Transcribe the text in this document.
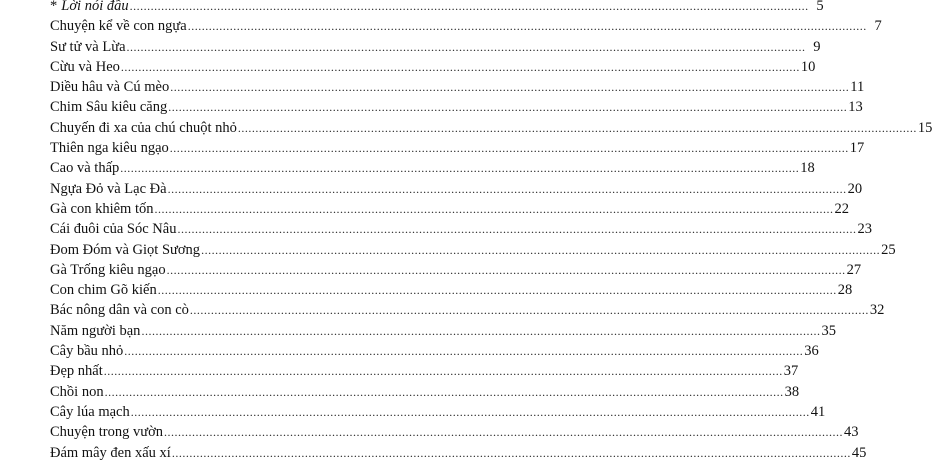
* Lời nói đầu .....	5
Chuyện kể về con ngựa .....	7
Sư tử và Lừa .....	9
Cừu và Heo .....	10
Diều hâu và Cú mèo .....	11
Chim Sâu kiêu căng .....	13
Chuyến đi xa của chú chuột nhỏ .....	15
Thiên nga kiêu ngạo .....	17
Cao và thấp .....	18
Ngựa Đỏ và Lạc Đà .....	20
Gà con khiêm tốn .....	22
Cái đuôi của Sóc Nâu .....	23
Đom Đóm và Giọt Sương .....	25
Gà Trống kiêu ngạo .....	27
Con chim Gõ kiến .....	28
Bác nông dân và con cò .....	32
Năm người bạn .....	35
Cây bầu nhỏ .....	36
Đẹp nhất .....	37
Chồi non .....	38
Cây lúa mạch .....	41
Chuyện trong vườn .....	43
Đám mây đen xấu xí .....	45
